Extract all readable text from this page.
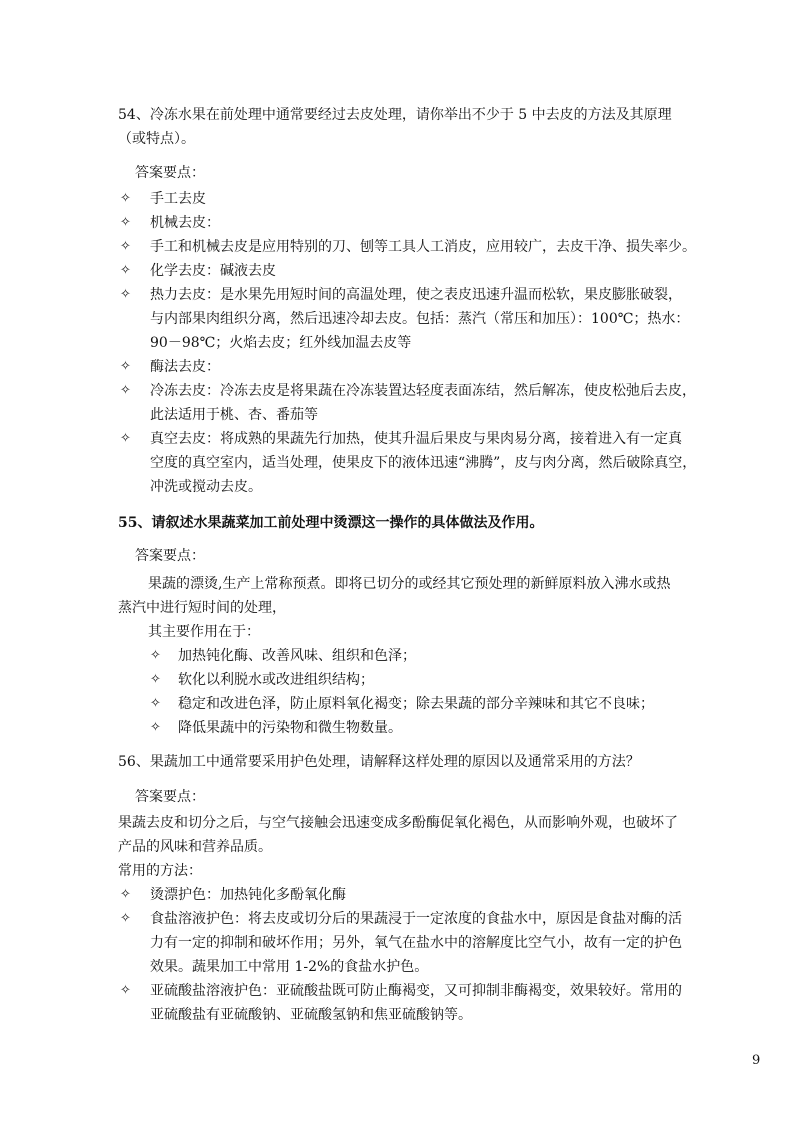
54、冷冻水果在前处理中通常要经过去皮处理，请你举出不少于 5 中去皮的方法及其原理
（或特点）。
答案要点：
✧ 手工去皮
✧ 机械去皮：
✧ 手工和机械去皮是应用特别的刀、刨等工具人工消皮，应用较广，去皮干净、损失率少。
✧ 化学去皮：碱液去皮
✧ 热力去皮：是水果先用短时间的高温处理，使之表皮迅速升温而松软，果皮膨胀破裂，
与内部果肉组织分离，然后迅速冷却去皮。包括：蒸汽（常压和加压）：100℃；热水：
90－98℃；火焰去皮；红外线加温去皮等
✧ 酶法去皮：
✧ 冷冻去皮：冷冻去皮是将果蔬在冷冻装置达轻度表面冻结，然后解冻，使皮松弛后去皮，
此法适用于桃、杏、番茄等
✧ 真空去皮：将成熟的果蔬先行加热，使其升温后果皮与果肉易分离，接着进入有一定真
空度的真空室内，适当处理，使果皮下的液体迅速“沸腾”，皮与肉分离，然后破除真空，
冲洗或搅动去皮。
55、请叙述水果蔬菜加工前处理中烫漂这一操作的具体做法及作用。
答案要点：
果蔬的漂烫,生产上常称预煮。即将已切分的或经其它预处理的新鲜原料放入沸水或热
蒸汽中进行短时间的处理，
其主要作用在于：
✧ 加热钝化酶、改善风味、组织和色泽；
✧ 软化以利脱水或改进组织结构；
✧ 稳定和改进色泽，防止原料氧化褐变；除去果蔬的部分辛辣味和其它不良味；
✧ 降低果蔬中的污染物和微生物数量。
56、果蔬加工中通常要采用护色处理，请解释这样处理的原因以及通常采用的方法？
答案要点：
果蔬去皮和切分之后，与空气接触会迅速变成多酚酶促氧化褐色，从而影响外观，也破坏了
产品的风味和营养品质。
常用的方法：
✧ 烫漂护色：加热钝化多酚氧化酶
✧ 食盐溶液护色：将去皮或切分后的果蔬浸于一定浓度的食盐水中，原因是食盐对酶的活
力有一定的抑制和破坏作用；另外，氧气在盐水中的溶解度比空气小，故有一定的护色
效果。蔬果加工中常用 1-2%的食盐水护色。
✧ 亚硫酸盐溶液护色：亚硫酸盐既可防止酶褐变，又可抑制非酶褐变，效果较好。常用的
亚硫酸盐有亚硫酸钠、亚硫酸氢钠和焦亚硫酸钠等。
9
